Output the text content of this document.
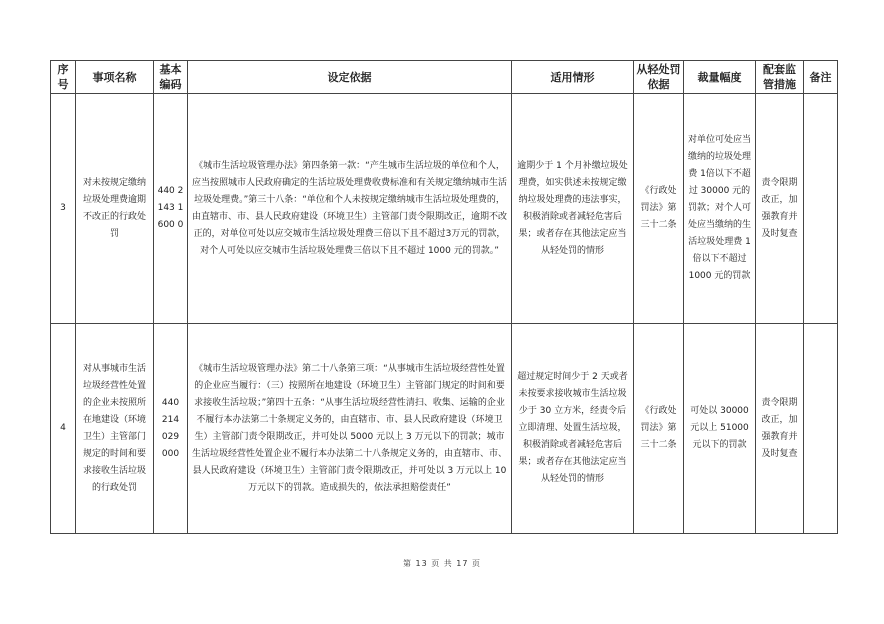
序号	事项名称	基本编码	设定依据	适用情形	从轻处罚依据	裁量幅度	配套监管措施	备注
3	对未按规定缴纳垃圾处理费逾期不改正的行政处罚	440 2 143 1 600 0	《城市生活垃圾管理办法》第四条第一款：“产生城市生活垃圾的单位和个人，应当按照城市人民政府确定的生活垃圾处理费收费标准和有关规定缴纳城市生活垃圾处理费。”第三十八条：“单位和个人未按规定缴纳城市生活垃圾处理费的，由直辖市、市、县人民政府建设（环境卫生）主管部门责令限期改正，逾期不改正的，对单位可处以应交城市生活垃圾处理费三倍以下且不超过3万元的罚款，对个人可处以应交城市生活垃圾处理费三倍以下且不超过 1000 元的罚款。”	逾期少于 1 个月补缴垃圾处理费，如实供述未按规定缴纳垃圾处理费的违法事实，积极消除或者减轻危害后果；或者存在其他法定应当从轻处罚的情形	《行政处罚法》第三十二条	对单位可处应当缴纳的垃圾处理费 1倍以下不超过 30000 元的罚款；对个人可处应当缴纳的生活垃圾处理费 1倍以下不超过 1000 元的罚款	责令限期改正，加强教育并及时复查	
4	对从事城市生活垃圾经营性处置的企业未按照所在地建设（环境卫生）主管部门规定的时间和要求接收生活垃圾的行政处罚	440 214 029 000	《城市生活垃圾管理办法》第二十八条第三项：“从事城市生活垃圾经营性处置的企业应当履行：（三）按照所在地建设（环境卫生）主管部门规定的时间和要求接收生活垃圾；”第四十五条：“从事生活垃圾经营性清扫、收集、运输的企业不履行本办法第二十条规定义务的，由直辖市、市、县人民政府建设（环境卫生）主管部门责令限期改正，并可处以 5000 元以上 3 万元以下的罚款；城市生活垃圾经营性处置企业不履行本办法第二十八条规定义务的，由直辖市、市、县人民政府建设（环境卫生）主管部门责令限期改正，并可处以 3 万元以上 10 万元以下的罚款。造成损失的，依法承担赔偿责任”	超过规定时间少于 2 天或者未按要求接收城市生活垃圾少于 30 立方米，经责令后立即清理、处置生活垃圾，积极消除或者减轻危害后果；或者存在其他法定应当从轻处罚的情形	《行政处罚法》第三十二条	可处以 30000 元以上 51000 元以下的罚款	责令限期改正，加强教育并及时复查	
第 13 页 共 17 页
